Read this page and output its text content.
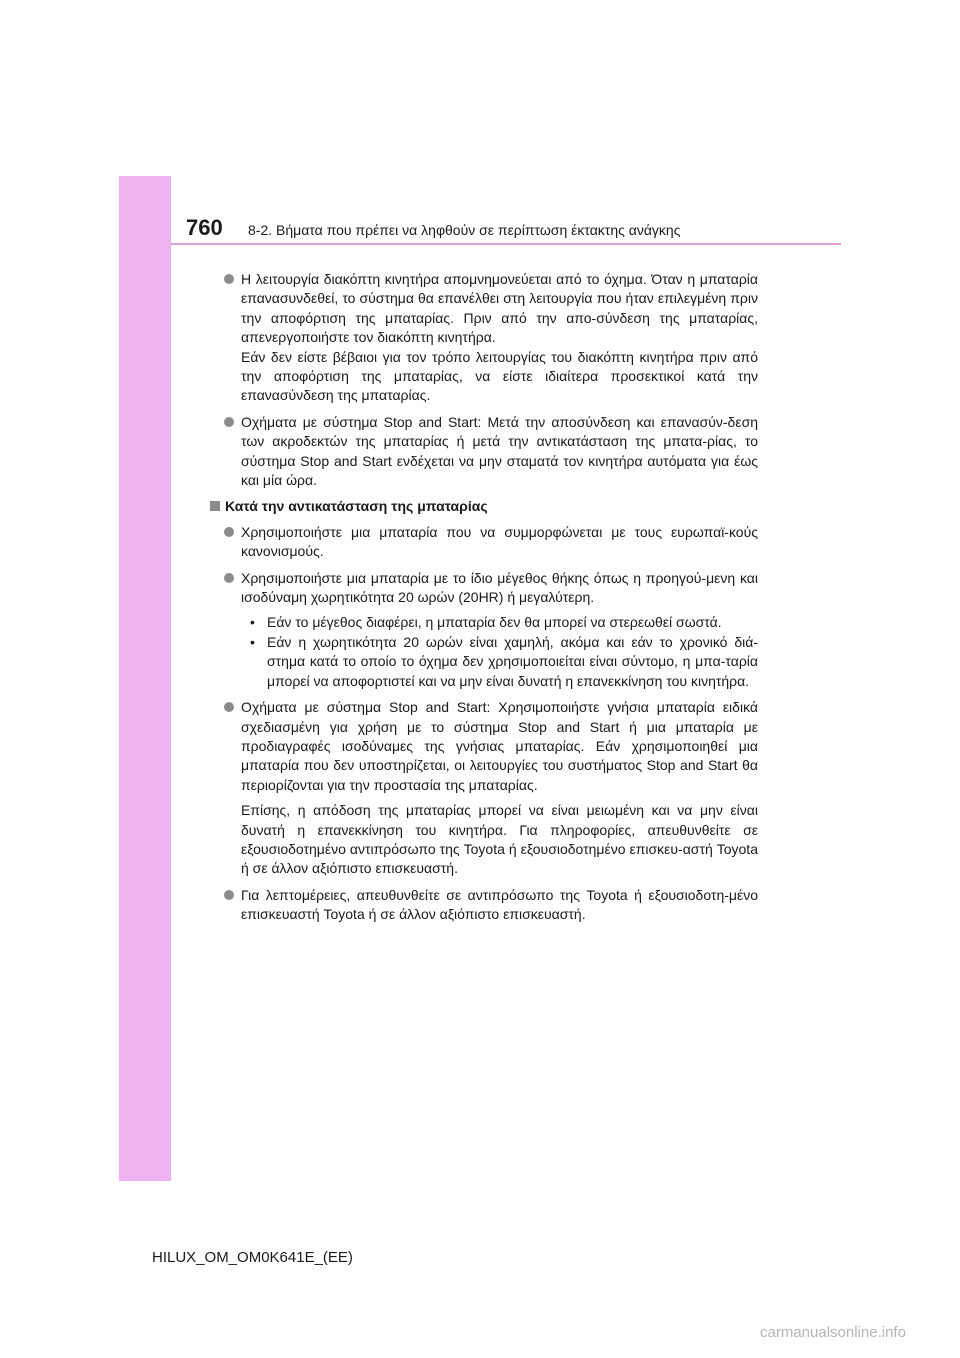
760 8-2. Βήματα που πρέπει να ληφθούν σε περίπτωση έκτακτης ανάγκης

Η λειτουργία διακόπτη κινητήρα απομνημονεύεται από το όχημα. Όταν η μπαταρία επανασυνδεθεί, το σύστημα θα επανέλθει στη λειτουργία που ήταν επιλεγμένη πριν την αποφόρτιση της μπαταρίας. Πριν από την απο-σύνδεση της μπαταρίας, απενεργοποιήστε τον διακόπτη κινητήρα.

Εάν δεν είστε βέβαιοι για τον τρόπο λειτουργίας του διακόπτη κινητήρα πριν από την αποφόρτιση της μπαταρίας, να είστε ιδιαίτερα προσεκτικοί κατά την επανασύνδεση της μπαταρίας.

Οχήματα με σύστημα Stop and Start: Μετά την αποσύνδεση και επανασύν-δεση των ακροδεκτών της μπαταρίας ή μετά την αντικατάσταση της μπατα-ρίας, το σύστημα Stop and Start ενδέχεται να μην σταματά τον κινητήρα αυτόματα για έως και μία ώρα.

Κατά την αντικατάσταση της μπαταρίας

Χρησιμοποιήστε μια μπαταρία που να συμμορφώνεται με τους ευρωπαϊ-κούς κανονισμούς.

Χρησιμοποιήστε μια μπαταρία με το ίδιο μέγεθος θήκης όπως η προηγού-μενη και ισοδύναμη χωρητικότητα 20 ωρών (20HR) ή μεγαλύτερη.

• Εάν το μέγεθος διαφέρει, η μπαταρία δεν θα μπορεί να στερεωθεί σωστά.
• Εάν η χωρητικότητα 20 ωρών είναι χαμηλή, ακόμα και εάν το χρονικό διά-στημα κατά το οποίο το όχημα δεν χρησιμοποιείται είναι σύντομο, η μπα-ταρία μπορεί να αποφορτιστεί και να μην είναι δυνατή η επανεκκίνηση του κινητήρα.

Οχήματα με σύστημα Stop and Start: Χρησιμοποιήστε γνήσια μπαταρία ειδικά σχεδιασμένη για χρήση με το σύστημα Stop and Start ή μια μπαταρία με προδιαγραφές ισοδύναμες της γνήσιας μπαταρίας. Εάν χρησιμοποιηθεί μια μπαταρία που δεν υποστηρίζεται, οι λειτουργίες του συστήματος Stop and Start θα περιορίζονται για την προστασία της μπαταρίας.

Επίσης, η απόδοση της μπαταρίας μπορεί να είναι μειωμένη και να μην είναι δυνατή η επανεκκίνηση του κινητήρα. Για πληροφορίες, απευθυνθείτε σε εξουσιοδοτημένο αντιπρόσωπο της Toyota ή εξουσιοδοτημένο επισκευ-αστή Toyota ή σε άλλον αξιόπιστο επισκευαστή.

Για λεπτομέρειες, απευθυνθείτε σε αντιπρόσωπο της Toyota ή εξουσιοδοτη-μένο επισκευαστή Toyota ή σε άλλον αξιόπιστο επισκευαστή.

HILUX_OM_OM0K641E_(EE)
carmanualsonline.info
